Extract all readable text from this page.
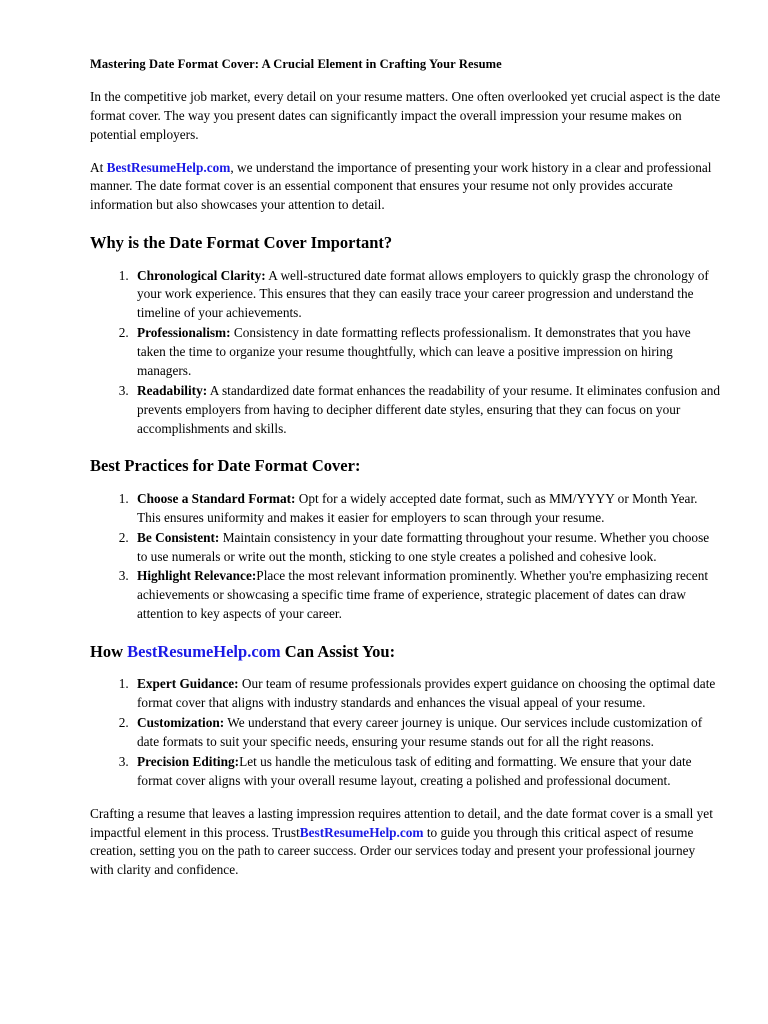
Mastering Date Format Cover: A Crucial Element in Crafting Your Resume

In the competitive job market, every detail on your resume matters. One often overlooked yet crucial aspect is the date format cover. The way you present dates can significantly impact the overall impression your resume makes on potential employers.

At BestResumeHelp.com, we understand the importance of presenting your work history in a clear and professional manner. The date format cover is an essential component that ensures your resume not only provides accurate information but also showcases your attention to detail.

Why is the Date Format Cover Important?
1. Chronological Clarity: A well-structured date format allows employers to quickly grasp the chronology of your work experience. This ensures that they can easily trace your career progression and understand the timeline of your achievements.
2. Professionalism: Consistency in date formatting reflects professionalism. It demonstrates that you have taken the time to organize your resume thoughtfully, which can leave a positive impression on hiring managers.
3. Readability: A standardized date format enhances the readability of your resume. It eliminates confusion and prevents employers from having to decipher different date styles, ensuring that they can focus on your accomplishments and skills.
Best Practices for Date Format Cover:
1. Choose a Standard Format: Opt for a widely accepted date format, such as MM/YYYY or Month Year. This ensures uniformity and makes it easier for employers to scan through your resume.
2. Be Consistent: Maintain consistency in your date formatting throughout your resume. Whether you choose to use numerals or write out the month, sticking to one style creates a polished and cohesive look.
3. Highlight Relevance:Place the most relevant information prominently. Whether you're emphasizing recent achievements or showcasing a specific time frame of experience, strategic placement of dates can draw attention to key aspects of your career.
How BestResumeHelp.com Can Assist You:
1. Expert Guidance: Our team of resume professionals provides expert guidance on choosing the optimal date format cover that aligns with industry standards and enhances the visual appeal of your resume.
2. Customization: We understand that every career journey is unique. Our services include customization of date formats to suit your specific needs, ensuring your resume stands out for all the right reasons.
3. Precision Editing:Let us handle the meticulous task of editing and formatting. We ensure that your date format cover aligns with your overall resume layout, creating a polished and professional document.

Crafting a resume that leaves a lasting impression requires attention to detail, and the date format cover is a small yet impactful element in this process. TrustBestResumeHelp.com to guide you through this critical aspect of resume creation, setting you on the path to career success. Order our services today and present your professional journey with clarity and confidence.
